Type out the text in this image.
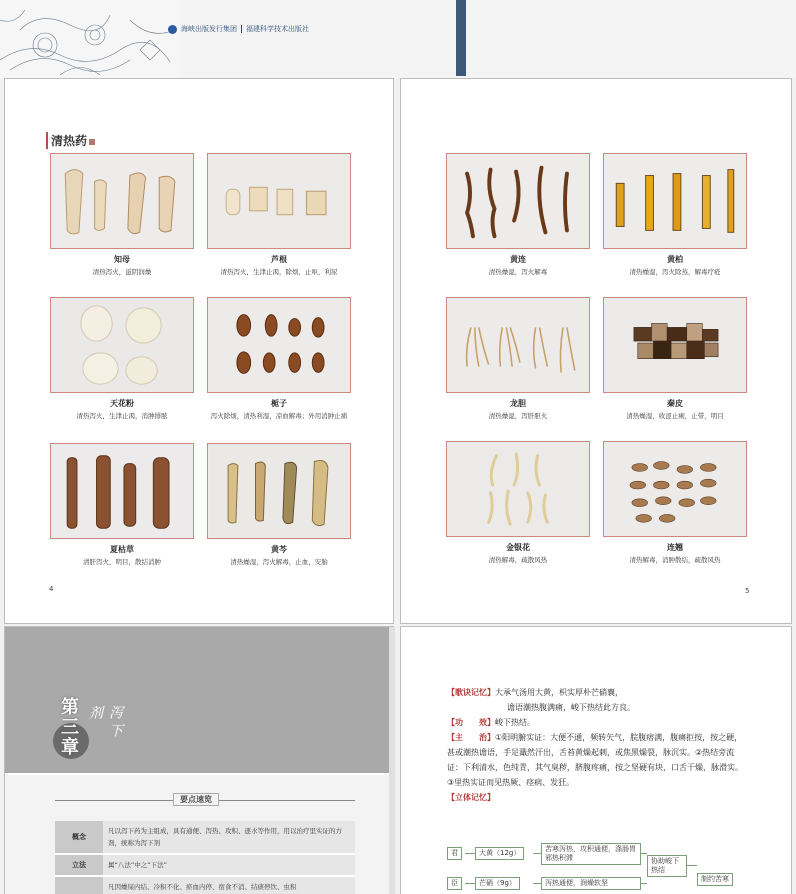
海峡出版发行集团 福建科学技术出版社
清热药
知母
清热泻火，滋阴润燥
芦根
清热泻火，生津止渴，除烦，止呕，利尿
天花粉
清热泻火，生津止渴，消肿排脓
栀子
泻火除烦，清热利湿，凉血解毒；外用消肿止痛
夏枯草
清肝泻火，明目，散结消肿
黄芩
清热燥湿，泻火解毒，止血，安胎
4
黄连
清热燥湿，泻火解毒
黄柏
清热燥湿，泻火除蒸，解毒疗疮
龙胆
清热燥湿，泻肝胆火
秦皮
清热燥湿，收涩止痢，止带，明目
金银花
清热解毒，疏散风热
连翘
清热解毒，消肿散结，疏散风热
5
第三章	泻下剂
要点速览
概念	凡以泻下药为主组成，具有通便、泻热、攻积、逐水等作用，用以治疗里实证的方剂，统称为泻下剂
立法	属“八法”中之“下法”
	凡因燥屎内结、冷积不化、瘀血内停、宿食不消、结痰停饮、虫积
【歌诀记忆】大承气汤用大黄，枳实厚朴芒硝襄，
谵语潮热腹满痛，峻下热结此方良。
【功　　效】峻下热结。
【主　　治】①阳明腑实证：大便不通，频转矢气，脘腹痞满，腹痛拒按，按之硬，甚或潮热谵语，手足濈然汗出，舌苔黄燥起刺，或焦黑燥裂，脉沉实。②热结旁流证：下利清水，色纯青，其气臭秽，脐腹疼痛，按之坚硬有块，口舌干燥，脉滑实。③里热实证而见热厥、痉病、发狂。
【立体记忆】
君	大黄（12g）	苦寒泻热，攻积通便，涤肠胃邪热积滞
臣	芒硝（9g）	泻热通便，润燥软坚
协助峻下热结
制约苦寒
